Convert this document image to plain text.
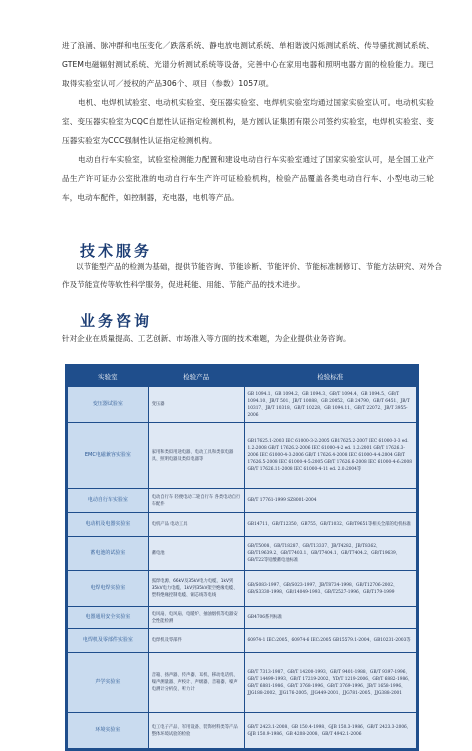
进了浪涌、脉冲群和电压变化／跌落系统、静电放电测试系统、单相谐波闪烁测试系统、传导骚扰测试系统、GTEM电磁辐射测试系统、光谱分析测试系统等设备，完善中心在家用电器和照明电器方面的检验能力。现已取得实验室认可／授权的产品306个、项目（参数）1057项。

电机、电焊机试验室、电动机实验室、变压器实验室、电焊机实验室均通过国家实验室认可。电动机实验室、变压器实验室为CQC自愿性认证指定检测机构，是方圆认证集团有限公司签约实验室，电焊机实验室、变压器实验室为CCC强制性认证指定检测机构。

电动自行车实验室，试验室检测能力配置和建设电动自行车实验室通过了国家实验室认可，是全国工业产品生产许可证办公室批准的电动自行车生产许可证检验机构，检验产品覆盖各类电动自行车、小型电动三轮车，电动车配件，如控制器，充电器，电机等产品。

技术服务
以节能型产品的检测为基础，提供节能咨询、节能诊断、节能评价、节能标准制修订、节能方法研究、对外合作及节能宣传等软性科学服务，促进耗能、用能、节能产品的技术进步。
业务咨询
针对企业在质量提高、工艺创新、市场准入等方面的技术难题，为企业提供业务咨询。
实验室	检验产品	检验标准
变压器试验室	变压器	GB 1094.1、GB 1094.2、GB 1094.3、GB/T 1094.4、GB 1094.5、GB/T 1094.10、JB/T 501、JB/T 10088、GB 20052、GB 24790、GB/T 6451、JB/T 10317、JB/T 10318、GB/T 10228、GB 1094.11、GB/T 22072、JB/T 3955-2006
EMC电磁兼容实验室	家用和类似用途电器、电动工具和类似电器具、照明电器及类似电器等	GB17625.1-2003 IEC 61000-3-2:2005 GB17625.2-2007 IEC 61000-3-3 ed. 1.2:2008 GB/T 17626.2-2006 IEC 61000-4-2 ed. 1.2:2001 GB/T 17626.3-2006 IEC 61000-4-3:2006 GB/T 17626.4-2008 IEC 61000-4-4:2004 GB/T 17626.5-2008 IEC 61000-4-5:2005 GB/T 17626.6-2008 IEC 61000-4-6:2008 GB/T 17626.11-2008 IEC 61000-4-11 ed. 2.0:2004等
电动自行车实验室	电动自行车 轻便电动二轮自行车 各类电动自行车配件	GB/T 17761-1999 SZ8001-2004
电动机及电器实验室	电机产品 电动工具	GB14711、GB/T12350、GB755、GB/T1032、GB/T9651等相关全部的电机标准
蓄电池的试验室	蓄电池	GB/T5008、GB/T18287、GB/T13337、JB/T4282、JB/T8362、GB/T19639.2、GB/T7403.1、GB/T7404.1、GB/T7404.2、GB/T19639、GB/T22等铅酸蓄电池标准
电焊电焊实验室	弧焊电源、66kV及35kV电力电缆、1kV到35kV电力电缆、1kV到35kV架空绝缘电缆、塑料绝缘控制电缆、铜芯线等电线	GB/S083-1997、GB/S023-1997、JB/T8734-1998、GB/T12706-2002、GB/S3330-1998、GB/14049-1993、GB/T2527-1996、GB/T179-1999
电器通用安全实验室	电风扇、电风扇、电暖炉、抽油烟机等电器安全性能检测	GB4706系列标准
电焊机及零部件实验室	电焊机及零部件	60974-1 IEC:2005、60974-6 IEC:2005 GB15579.1-2004、GB10231-2003等
声学实验室	音箱、扬声器、传声器、耳机、移动电话机、噪声测量器、声校计、声级器、音箱器、噪声电测计分析仪、听力计	GB/T 7313-1987、GB/T 14200-1993、GB/T 9401-1988、GB/T 9397-1996、GB/T 14499-1993、GB/T 17219-2002、YD/T 1219-2006、GB/T 6882-1986、GB/T 6881-1986、GB/T 3768-1996、GB/T 3769-1996、JB/T 1658-1996、JJG188-2002、JJG176-2005、JJG449-2001、JJG781-2005、JJG388-2001
环境实验室	电工电子产品、军用设备、装饰材料类等产品整体环境试验的检验	GB/T 2423.1-2008、GB 150.4-1998、GJB 150.3-1986、GB/T 2423.3-2006、GJB 150.9-1986、GB 4208-2008、GB/T 4942.1-2006
